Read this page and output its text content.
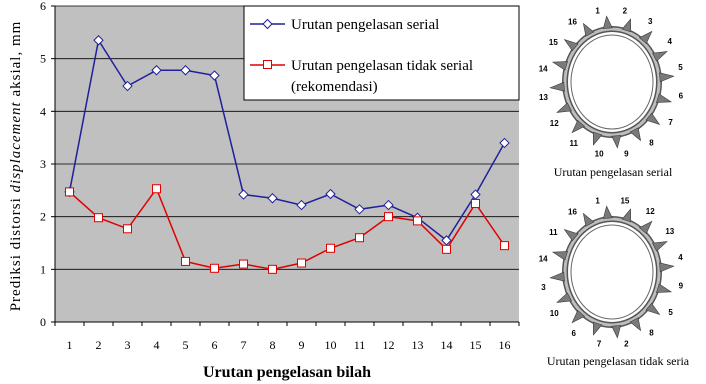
0
1
2
3
4
5
6
1 2 3 4 5 6 7 8 9 10 11 12 13 14 15 16
Prediksi distorsi displacement aksial, mm
Urutan pengelasan bilah
Urutan pengelasan serial
Urutan pengelasan tidak serial
(rekomendasi)
1	2
3
4
5
6
7
8
9
10
11
12
13
14
15
16
Urutan pengelasan serial
1	15
12
13
4
9
5
8
2
7
6
10
3
14
11
16
Urutan pengelasan tidak seria
